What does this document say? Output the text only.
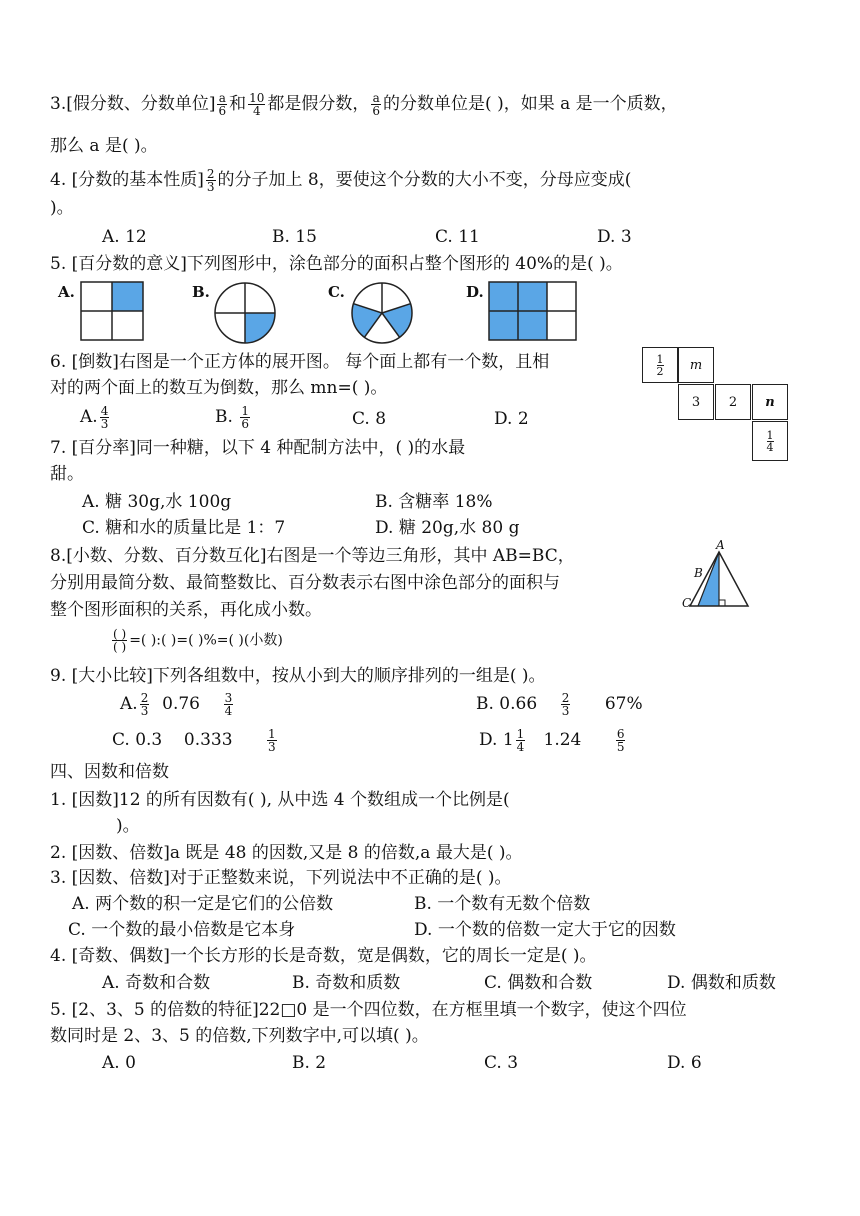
3.[假分数、分数单位] $\frac{a}{6}$ 和 $\frac{10}{4}$ 都是假分数， $\frac{a}{6}$ 的分数单位是( )，如果 a 是一个质数，
那么 a 是( )。
4. [分数的基本性质] $\frac{2}{3}$ 的分子加上 8，要使这个分数的大小不变，分母应变成(
)。
A. 12	B. 15	C. 11	D. 3
5. [百分数的意义]下列图形中，涂色部分的面积占整个图形的 40%的是( )。
A.	B.	C.	D.
6. [倒数]右图是一个正方体的展开图。 每个面上都有一个数，且相
对的两个面上的数互为倒数，那么 mn=( )。
A. $\frac{4}{3}$	B. $\frac{1}{6}$	C. 8	D. 2
1
2	m
3	2	n
1
4
7. [百分率]同一种糖，以下 4 种配制方法中，( )的水最
甜。
A. 糖 30g,水 100g	B. 含糖率 18%
C. 糖和水的质量比是 1：7	D. 糖 20g,水 80 g
8.[小数、分数、百分数互化]右图是一个等边三角形，其中 AB=BC，
分别用最简分数、最简整数比、百分数表示右图中涂色部分的面积与
整个图形面积的关系，再化成小数。
$\frac{( )}{( )}$ =( ):( )=( )%=( )(小数)
A
B
C
9. [大小比较]下列各组数中，按从小到大的顺序排列的一组是( )。
A. $\frac{2}{3} 0.76 \frac{3}{4}$	B. $0.66 \frac{2}{3} 67\%$
C. 0.3 0.333	$\frac{1}{3}$	D. $1 \frac{1}{4} 1.24$	$\frac{6}{5}$
四、因数和倍数
1. [因数]12 的所有因数有( ), 从中选 4 个数组成一个比例是(
)。
2. [因数、倍数]a 既是 48 的因数,又是 8 的倍数,a 最大是( )。
3. [因数、倍数]对于正整数来说，下列说法中不正确的是( )。
A. 两个数的积一定是它们的公倍数	B. 一个数有无数个倍数
C. 一个数的最小倍数是它本身	D. 一个数的倍数一定大于它的因数
4. [奇数、偶数]一个长方形的长是奇数，宽是偶数，它的周长一定是( )。
A. 奇数和合数	B. 奇数和质数	C. 偶数和合数	D. 偶数和质数
5. [2、3、5 的倍数的特征]22□0 是一个四位数，在方框里填一个数字，使这个四位
数同时是 2、3、5 的倍数,下列数字中,可以填( )。
A. 0	B. 2	C. 3	D. 6
